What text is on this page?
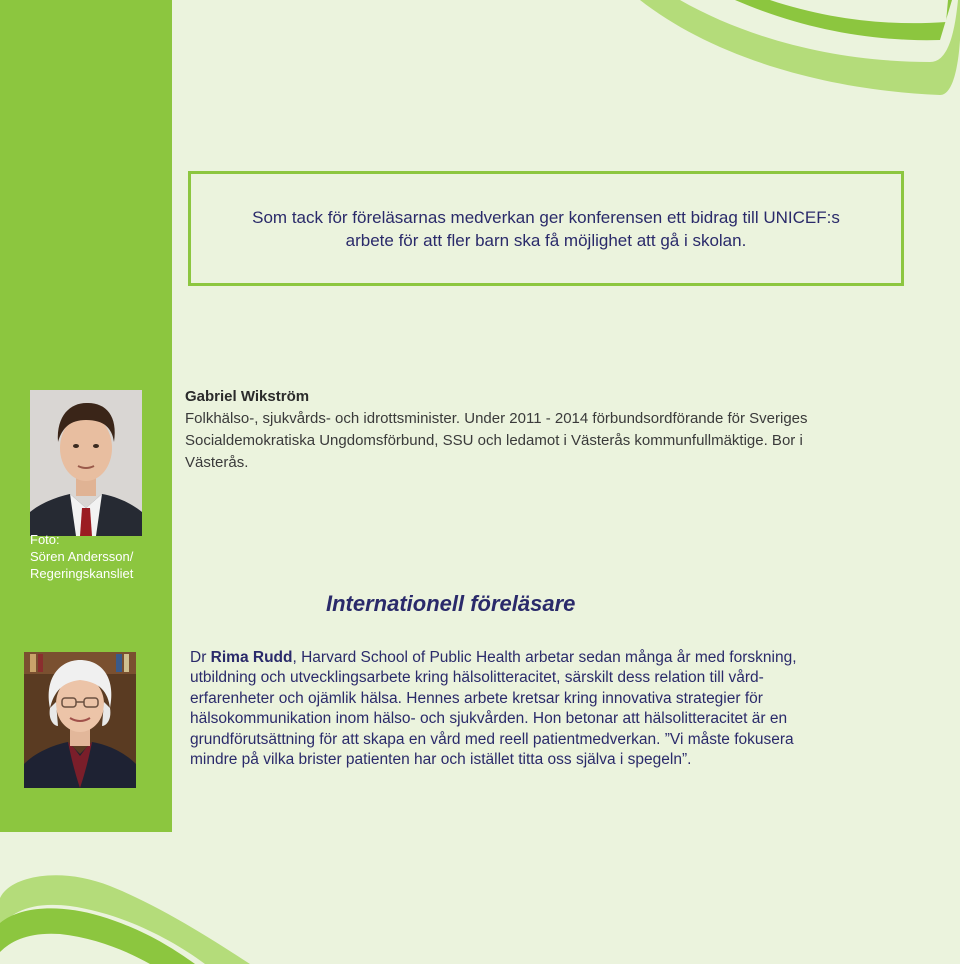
Som tack för föreläsarnas medverkan ger konferensen ett bidrag till UNICEF:s
arbete för att fler barn ska få möjlighet att gå i skolan.
Foto:
Sören Andersson/
Regeringskansliet
Gabriel Wikström
Folkhälso-, sjukvårds- och idrottsminister. Under 2011 - 2014 förbundsordförande för Sveriges
Socialdemokratiska Ungdomsförbund, SSU och ledamot i Västerås kommunfullmäktige. Bor i
Västerås.
Internationell föreläsare
Dr Rima Rudd, Harvard School of Public Health arbetar sedan många år med forskning,
utbildning och utvecklingsarbete kring hälsolitteracitet, särskilt dess relation till vård-
erfarenheter och ojämlik hälsa. Hennes arbete kretsar kring innovativa strategier för
hälsokommunikation inom hälso- och sjukvården. Hon betonar att hälsolitteracitet är en
grundförutsättning för att skapa en vård med reell patientmedverkan. ”Vi måste fokusera
mindre på vilka brister patienten har och istället titta oss själva i spegeln”.
